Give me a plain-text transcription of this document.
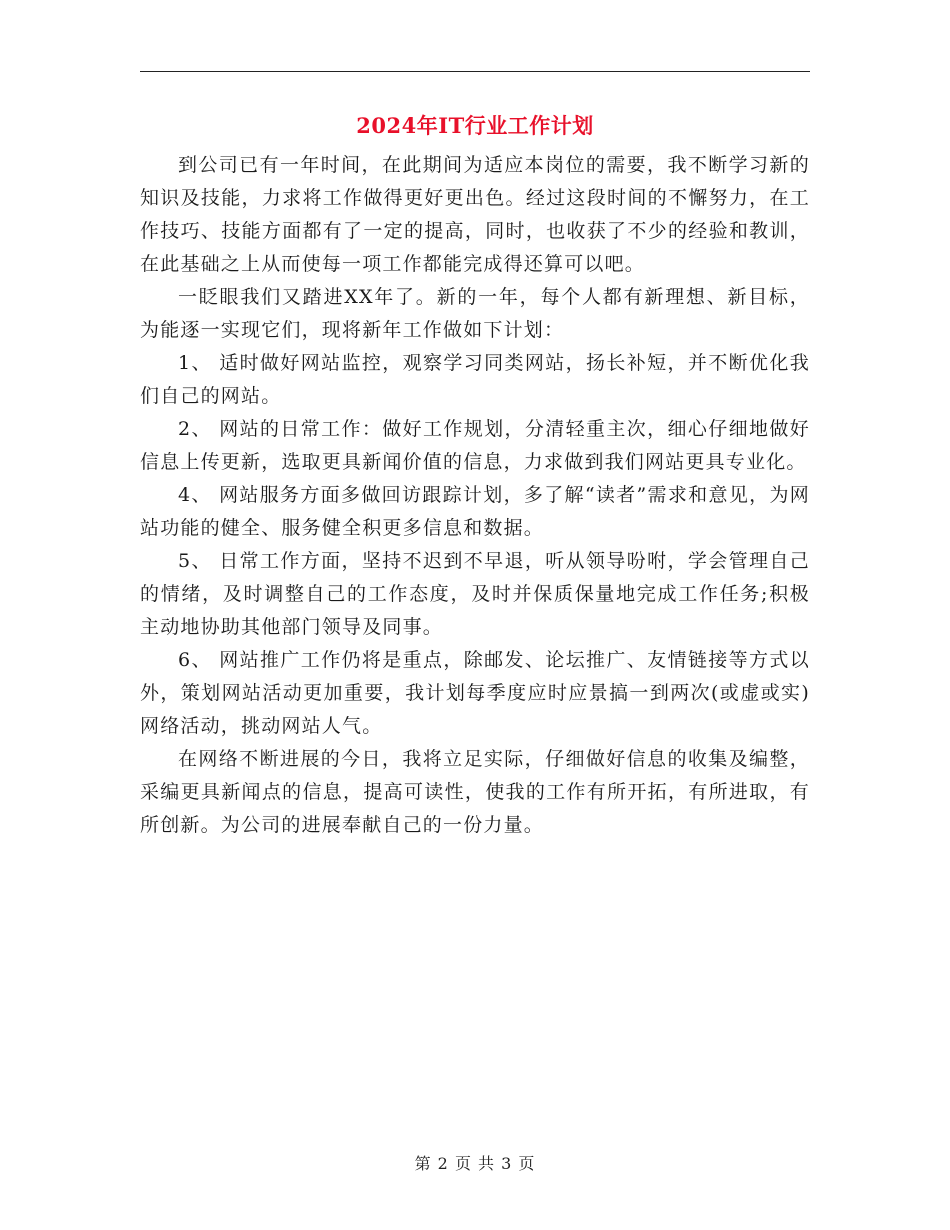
2024年IT行业工作计划

到公司已有一年时间，在此期间为适应本岗位的需要，我不断学习新的知识及技能，力求将工作做得更好更出色。经过这段时间的不懈努力，在工作技巧、技能方面都有了一定的提高，同时，也收获了不少的经验和教训，在此基础之上从而使每一项工作都能完成得还算可以吧。

一眨眼我们又踏进XX年了。新的一年，每个人都有新理想、新目标，为能逐一实现它们，现将新年工作做如下计划：

1、 适时做好网站监控，观察学习同类网站，扬长补短，并不断优化我们自己的网站。

2、 网站的日常工作：做好工作规划，分清轻重主次，细心仔细地做好信息上传更新，选取更具新闻价值的信息，力求做到我们网站更具专业化。

4、 网站服务方面多做回访跟踪计划，多了解“读者”需求和意见，为网站功能的健全、服务健全积更多信息和数据。

5、 日常工作方面，坚持不迟到不早退，听从领导吩咐，学会管理自己的情绪，及时调整自己的工作态度，及时并保质保量地完成工作任务;积极主动地协助其他部门领导及同事。

6、 网站推广工作仍将是重点，除邮发、论坛推广、友情链接等方式以外，策划网站活动更加重要，我计划每季度应时应景搞一到两次(或虚或实)网络活动，挑动网站人气。

在网络不断进展的今日，我将立足实际，仔细做好信息的收集及编整，采编更具新闻点的信息，提高可读性，使我的工作有所开拓，有所进取，有所创新。为公司的进展奉献自己的一份力量。

第 2 页 共 3 页
